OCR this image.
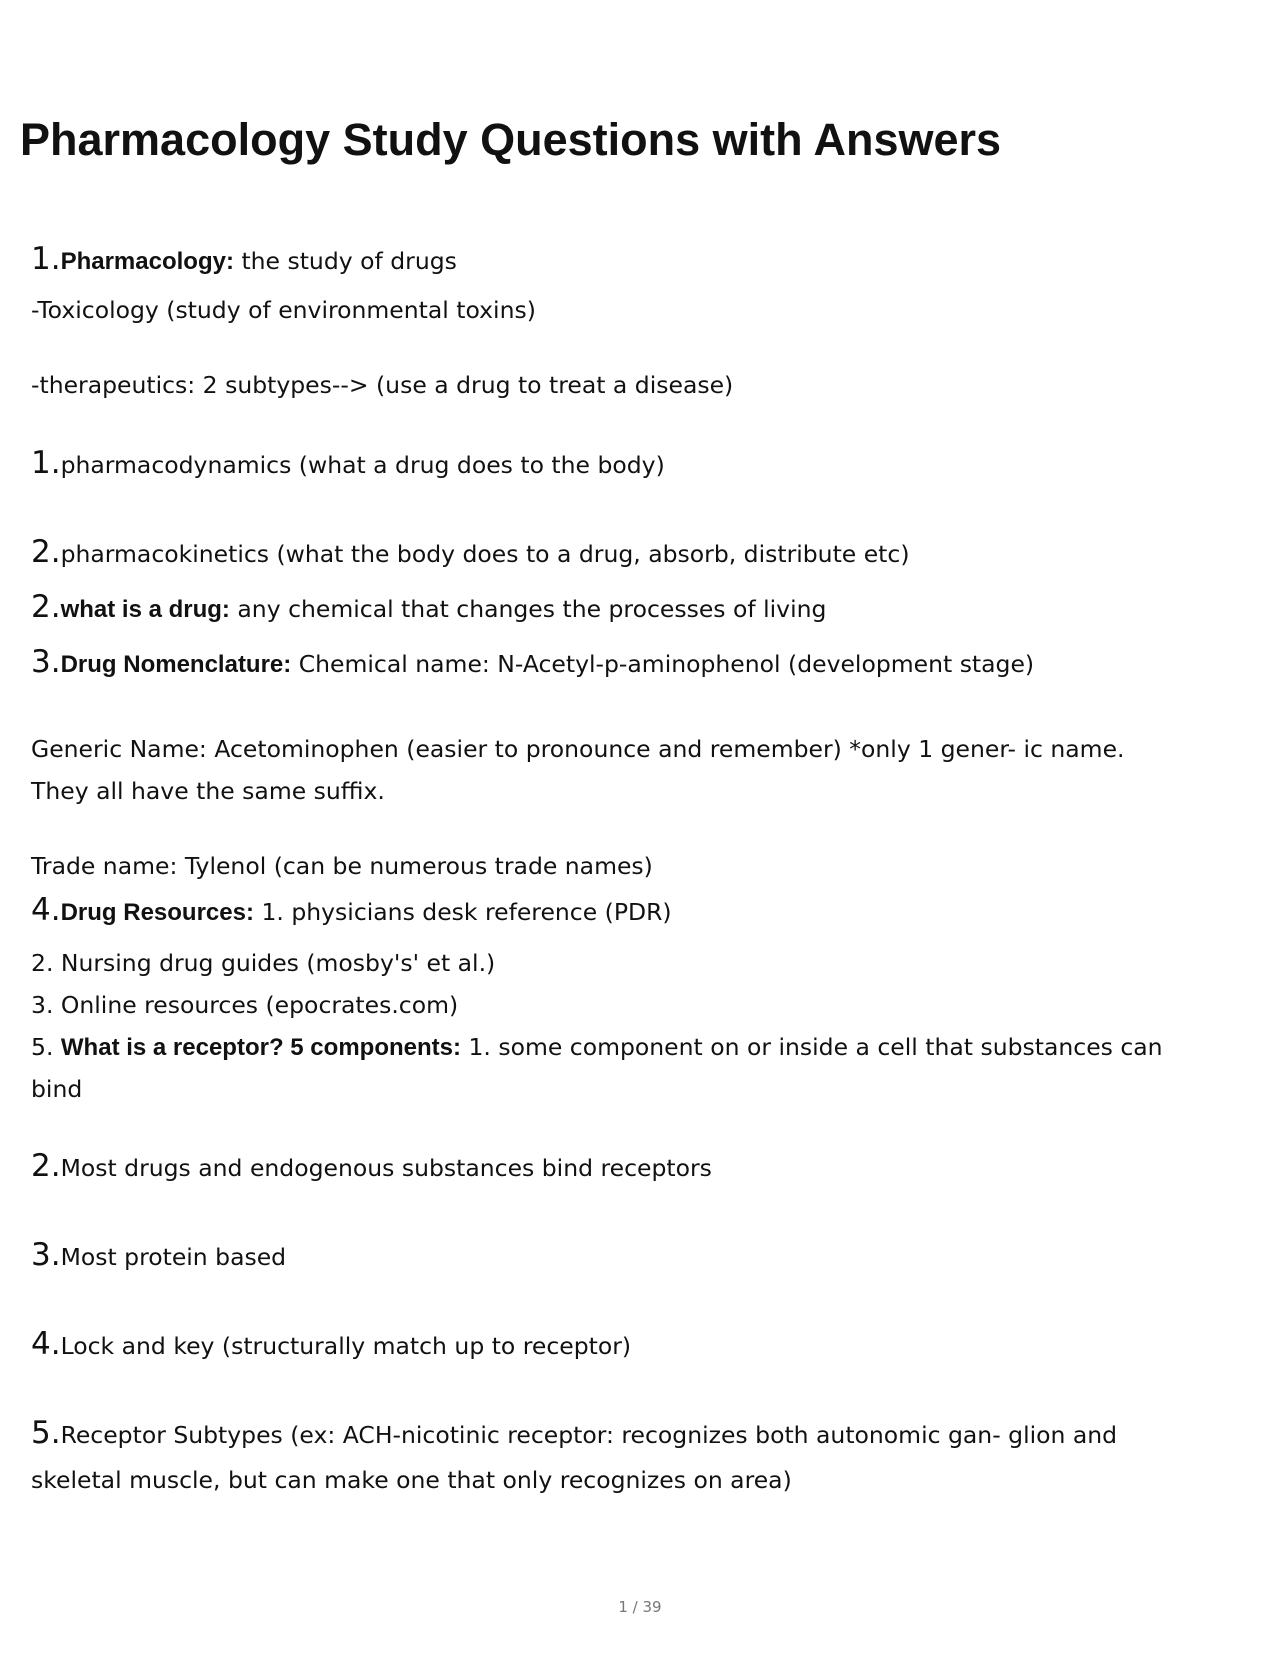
Pharmacology Study Questions with Answers
1.Pharmacology: the study of drugs
-Toxicology (study of environmental toxins)
-therapeutics: 2 subtypes--> (use a drug to treat a disease)
1.pharmacodynamics (what a drug does to the body)
2.pharmacokinetics (what the body does to a drug, absorb, distribute etc)
2.what is a drug: any chemical that changes the processes of living
3.Drug Nomenclature: Chemical name: N-Acetyl-p-aminophenol (development stage)
Generic Name: Acetominophen (easier to pronounce and remember) *only 1 gener- ic name.
They all have the same suffix.
Trade name: Tylenol (can be numerous trade names)
4.Drug Resources: 1. physicians desk reference (PDR)
2. Nursing drug guides (mosby's' et al.)
3. Online resources (epocrates.com)
5. What is a receptor? 5 components: 1. some component on or inside a cell that substances can
bind
2.Most drugs and endogenous substances bind receptors
3.Most protein based
4.Lock and key (structurally match up to receptor)
5.Receptor Subtypes (ex: ACH-nicotinic receptor: recognizes both autonomic gan- glion and
skeletal muscle, but can make one that only recognizes on area)
1 / 39
